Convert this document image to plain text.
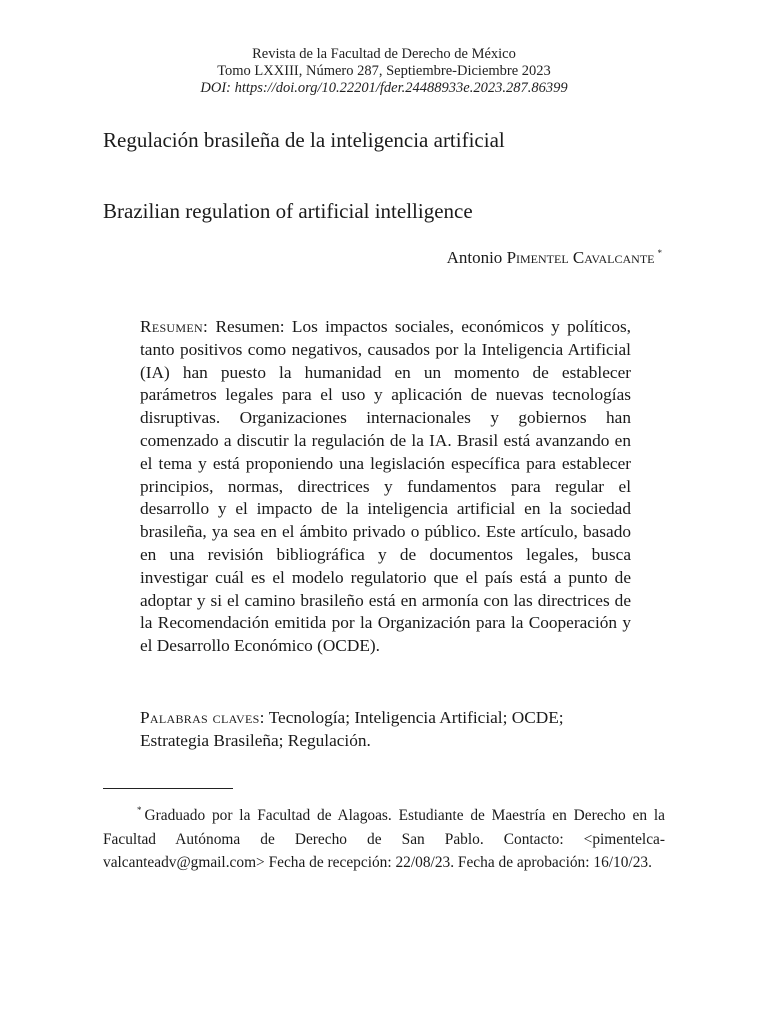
Revista de la Facultad de Derecho de México
Tomo LXXIII, Número 287, Septiembre-Diciembre 2023
DOI: https://doi.org/10.22201/fder.24488933e.2023.287.86399
Regulación brasileña de la inteligencia artificial
Brazilian regulation of artificial intelligence
Antonio Pimentel Cavalcante *
Resumen: Resumen: Los impactos sociales, económicos y políticos, tanto positivos como negativos, causados por la Inteligencia Artificial (IA) han puesto la humanidad en un momento de establecer parámetros legales para el uso y aplicación de nuevas tecnologías disruptivas. Organizaciones internacionales y gobiernos han comenzado a discutir la regulación de la IA. Brasil está avanzando en el tema y está proponiendo una legislación específica para establecer principios, normas, directrices y fundamentos para regular el desarrollo y el impacto de la inteligencia artificial en la sociedad brasileña, ya sea en el ámbito privado o público. Este artículo, basado en una revisión bibliográfica y de documentos legales, busca investigar cuál es el modelo regulatorio que el país está a punto de adoptar y si el camino brasileño está en armonía con las directrices de la Recomendación emitida por la Organización para la Cooperación y el Desarrollo Económico (OCDE).
Palabras claves: Tecnología; Inteligencia Artificial; OCDE; Estrategia Brasileña; Regulación.
* Graduado por la Facultad de Alagoas. Estudiante de Maestría en Derecho en la Facultad Autónoma de Derecho de San Pablo. Contacto: <pimentelcavalcanteadv@gmail.com> Fecha de recepción: 22/08/23. Fecha de aprobación: 16/10/23.
